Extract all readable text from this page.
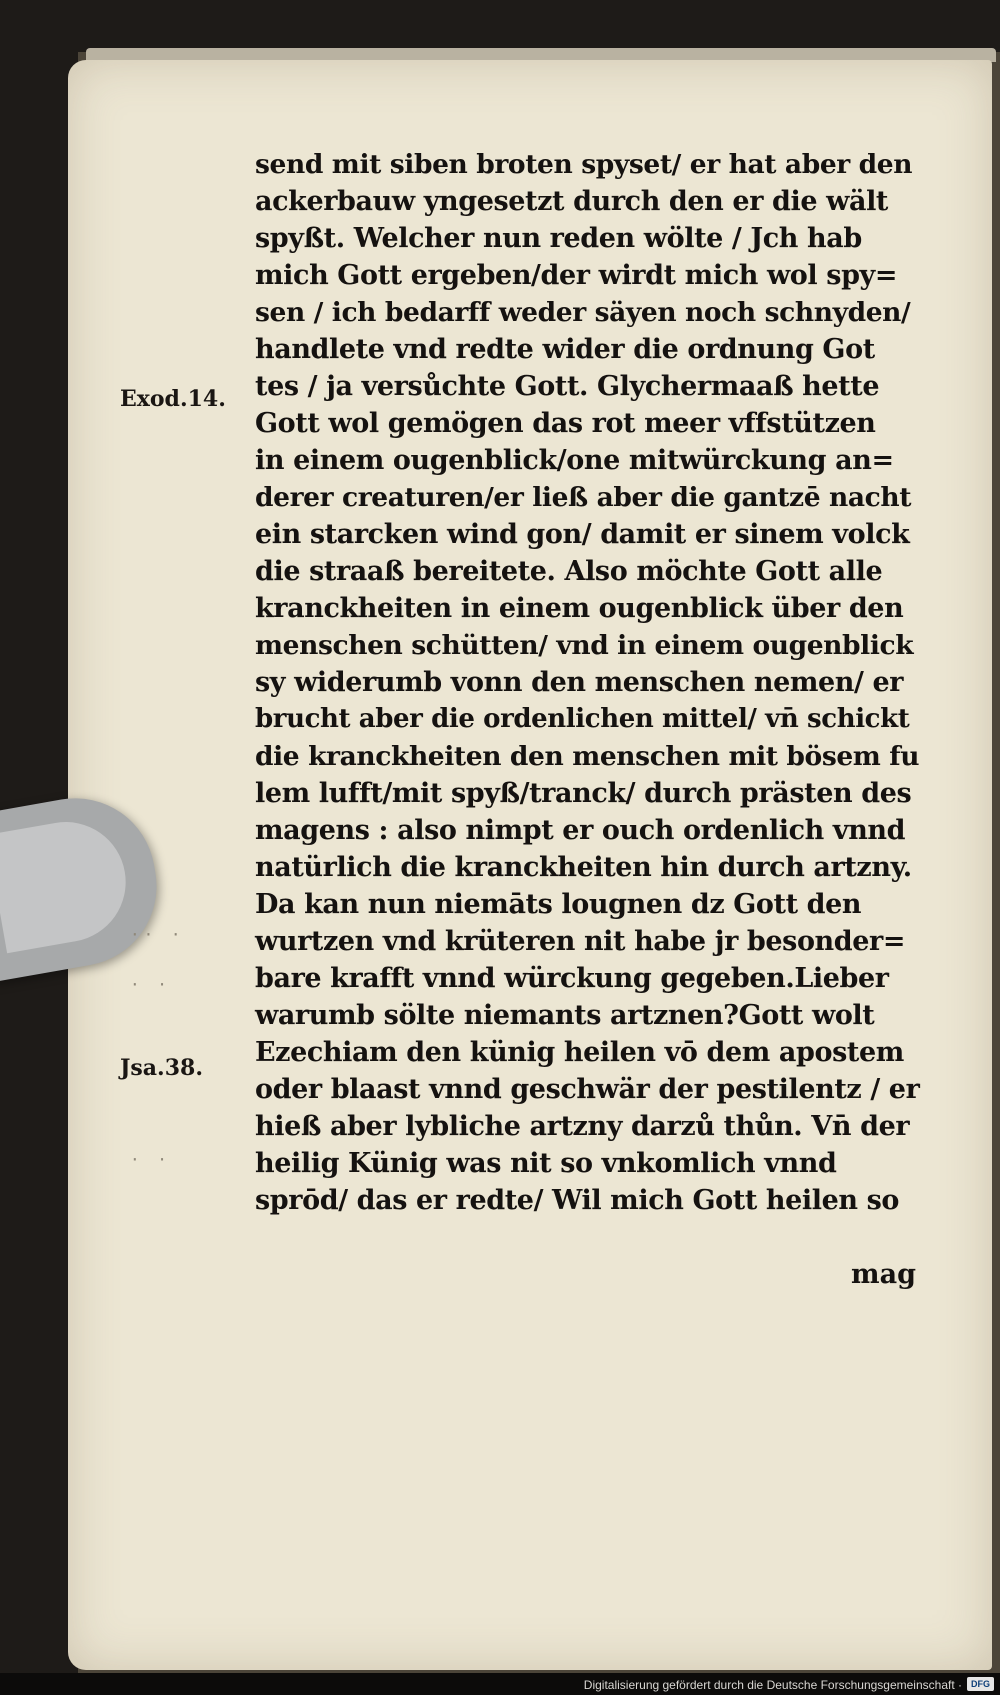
Exod.14.
Jsa.38.
·· ·
· ·
· ·
send mit siben broten spyset/ er hat aber den
ackerbauw yngesetzt durch den er die wält
spyßt. Welcher nun reden wölte / Jch hab
mich Gott ergeben/der wirdt mich wol spy=
sen / ich bedarff weder säyen noch schnyden/
handlete vnd redte wider die ordnung Got
tes / ja versůchte Gott. Glychermaaß hette
Gott wol gemögen das rot meer vffstützen
in einem ougenblick/one mitwürckung an=
derer creaturen/er ließ aber die gantzē nacht
ein starcken wind gon/ damit er sinem volck
die straaß bereitete. Also möchte Gott alle
kranckheiten in einem ougenblick über den
menschen schütten/ vnd in einem ougenblick
sy widerumb vonn den menschen nemen/ er
brucht aber die ordenlichen mittel/ vn̄ schickt
die kranckheiten den menschen mit bösem fu
lem lufft/mit spyß/tranck/ durch prästen des
magens : also nimpt er ouch ordenlich vnnd
natürlich die kranckheiten hin durch artzny.
Da kan nun niemāts lougnen dz Gott den
wurtzen vnd krüteren nit habe jr besonder=
bare krafft vnnd würckung gegeben.Lieber
warumb sölte niemants artznen?Gott wolt
Ezechiam den künig heilen vō dem apostem
oder blaast vnnd geschwär der pestilentz / er
hieß aber lybliche artzny darzů thůn. Vn̄ der
heilig Künig was nit so vnkomlich vnnd
sprōd/ das er redte/ Wil mich Gott heilen so
mag
Digitalisierung gefördert durch die Deutsche Forschungsgemeinschaft ·	DFG
